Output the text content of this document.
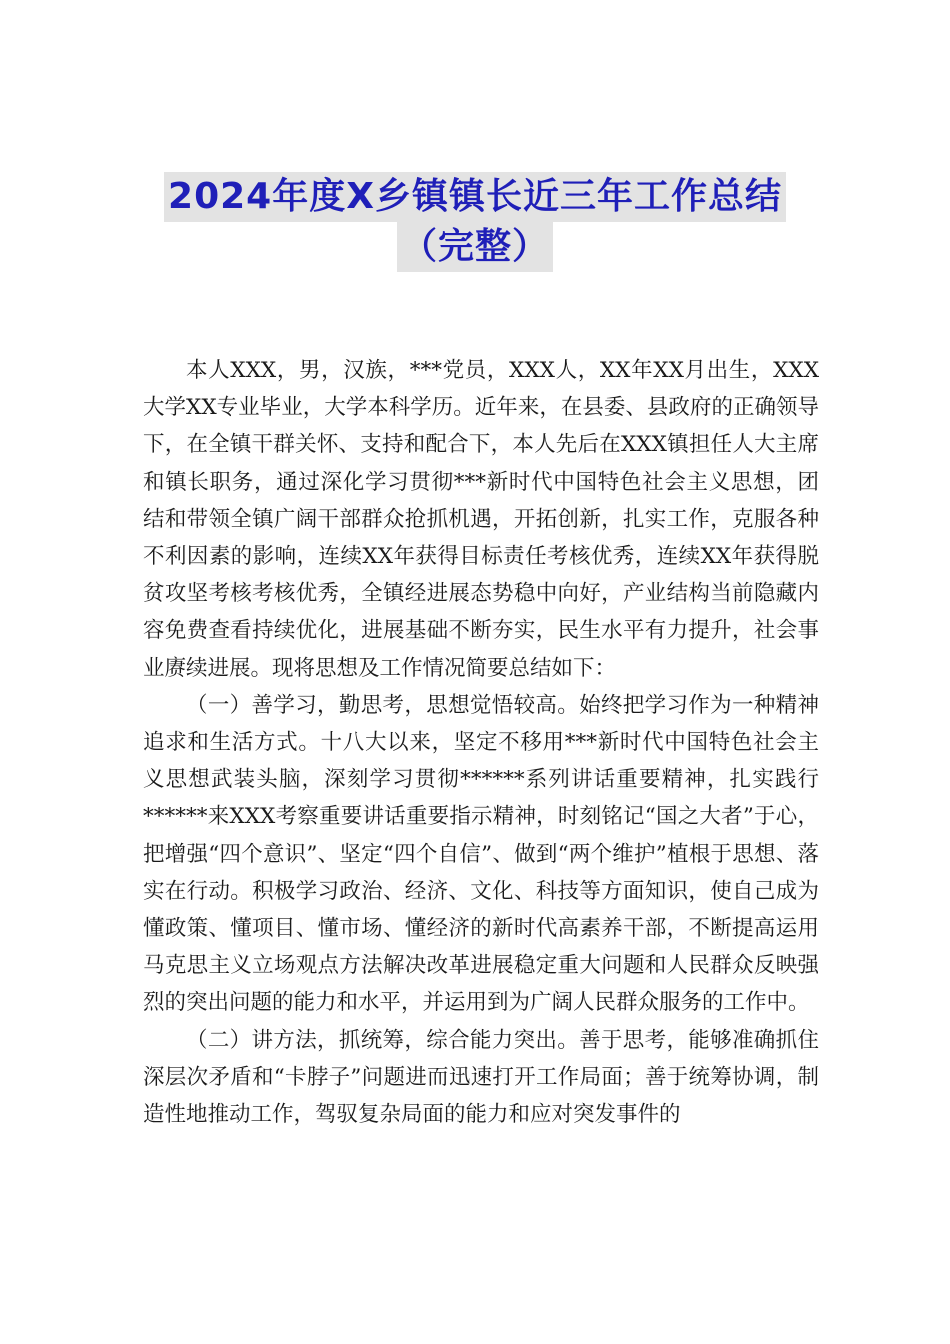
2024年度X乡镇镇长近三年工作总结
（完整）

本人XXX，男，汉族，***党员，XXX人，XX年XX月出生，XXX大学XX专业毕业，大学本科学历。近年来，在县委、县政府的正确领导下，在全镇干群关怀、支持和配合下，本人先后在XXX镇担任人大主席和镇长职务，通过深化学习贯彻***新时代中国特色社会主义思想，团结和带领全镇广阔干部群众抢抓机遇，开拓创新，扎实工作，克服各种不利因素的影响，连续XX年获得目标责任考核优秀，连续XX年获得脱贫攻坚考核考核优秀，全镇经进展态势稳中向好，产业结构当前隐藏内容免费查看持续优化，进展基础不断夯实，民生水平有力提升，社会事业赓续进展。现将思想及工作情况简要总结如下：

（一）善学习，勤思考，思想觉悟较高。始终把学习作为一种精神追求和生活方式。十八大以来，坚定不移用***新时代中国特色社会主义思想武装头脑，深刻学习贯彻******系列讲话重要精神，扎实践行******来XXX考察重要讲话重要指示精神，时刻铭记“国之大者”于心，把增强“四个意识”、坚定“四个自信”、做到“两个维护”植根于思想、落实在行动。积极学习政治、经济、文化、科技等方面知识，使自己成为懂政策、懂项目、懂市场、懂经济的新时代高素养干部，不断提高运用马克思主义立场观点方法解决改革进展稳定重大问题和人民群众反映强烈的突出问题的能力和水平，并运用到为广阔人民群众服务的工作中。

（二）讲方法，抓统筹，综合能力突出。善于思考，能够准确抓住深层次矛盾和“卡脖子”问题进而迅速打开工作局面；善于统筹协调，制造性地推动工作，驾驭复杂局面的能力和应对突发事件的
